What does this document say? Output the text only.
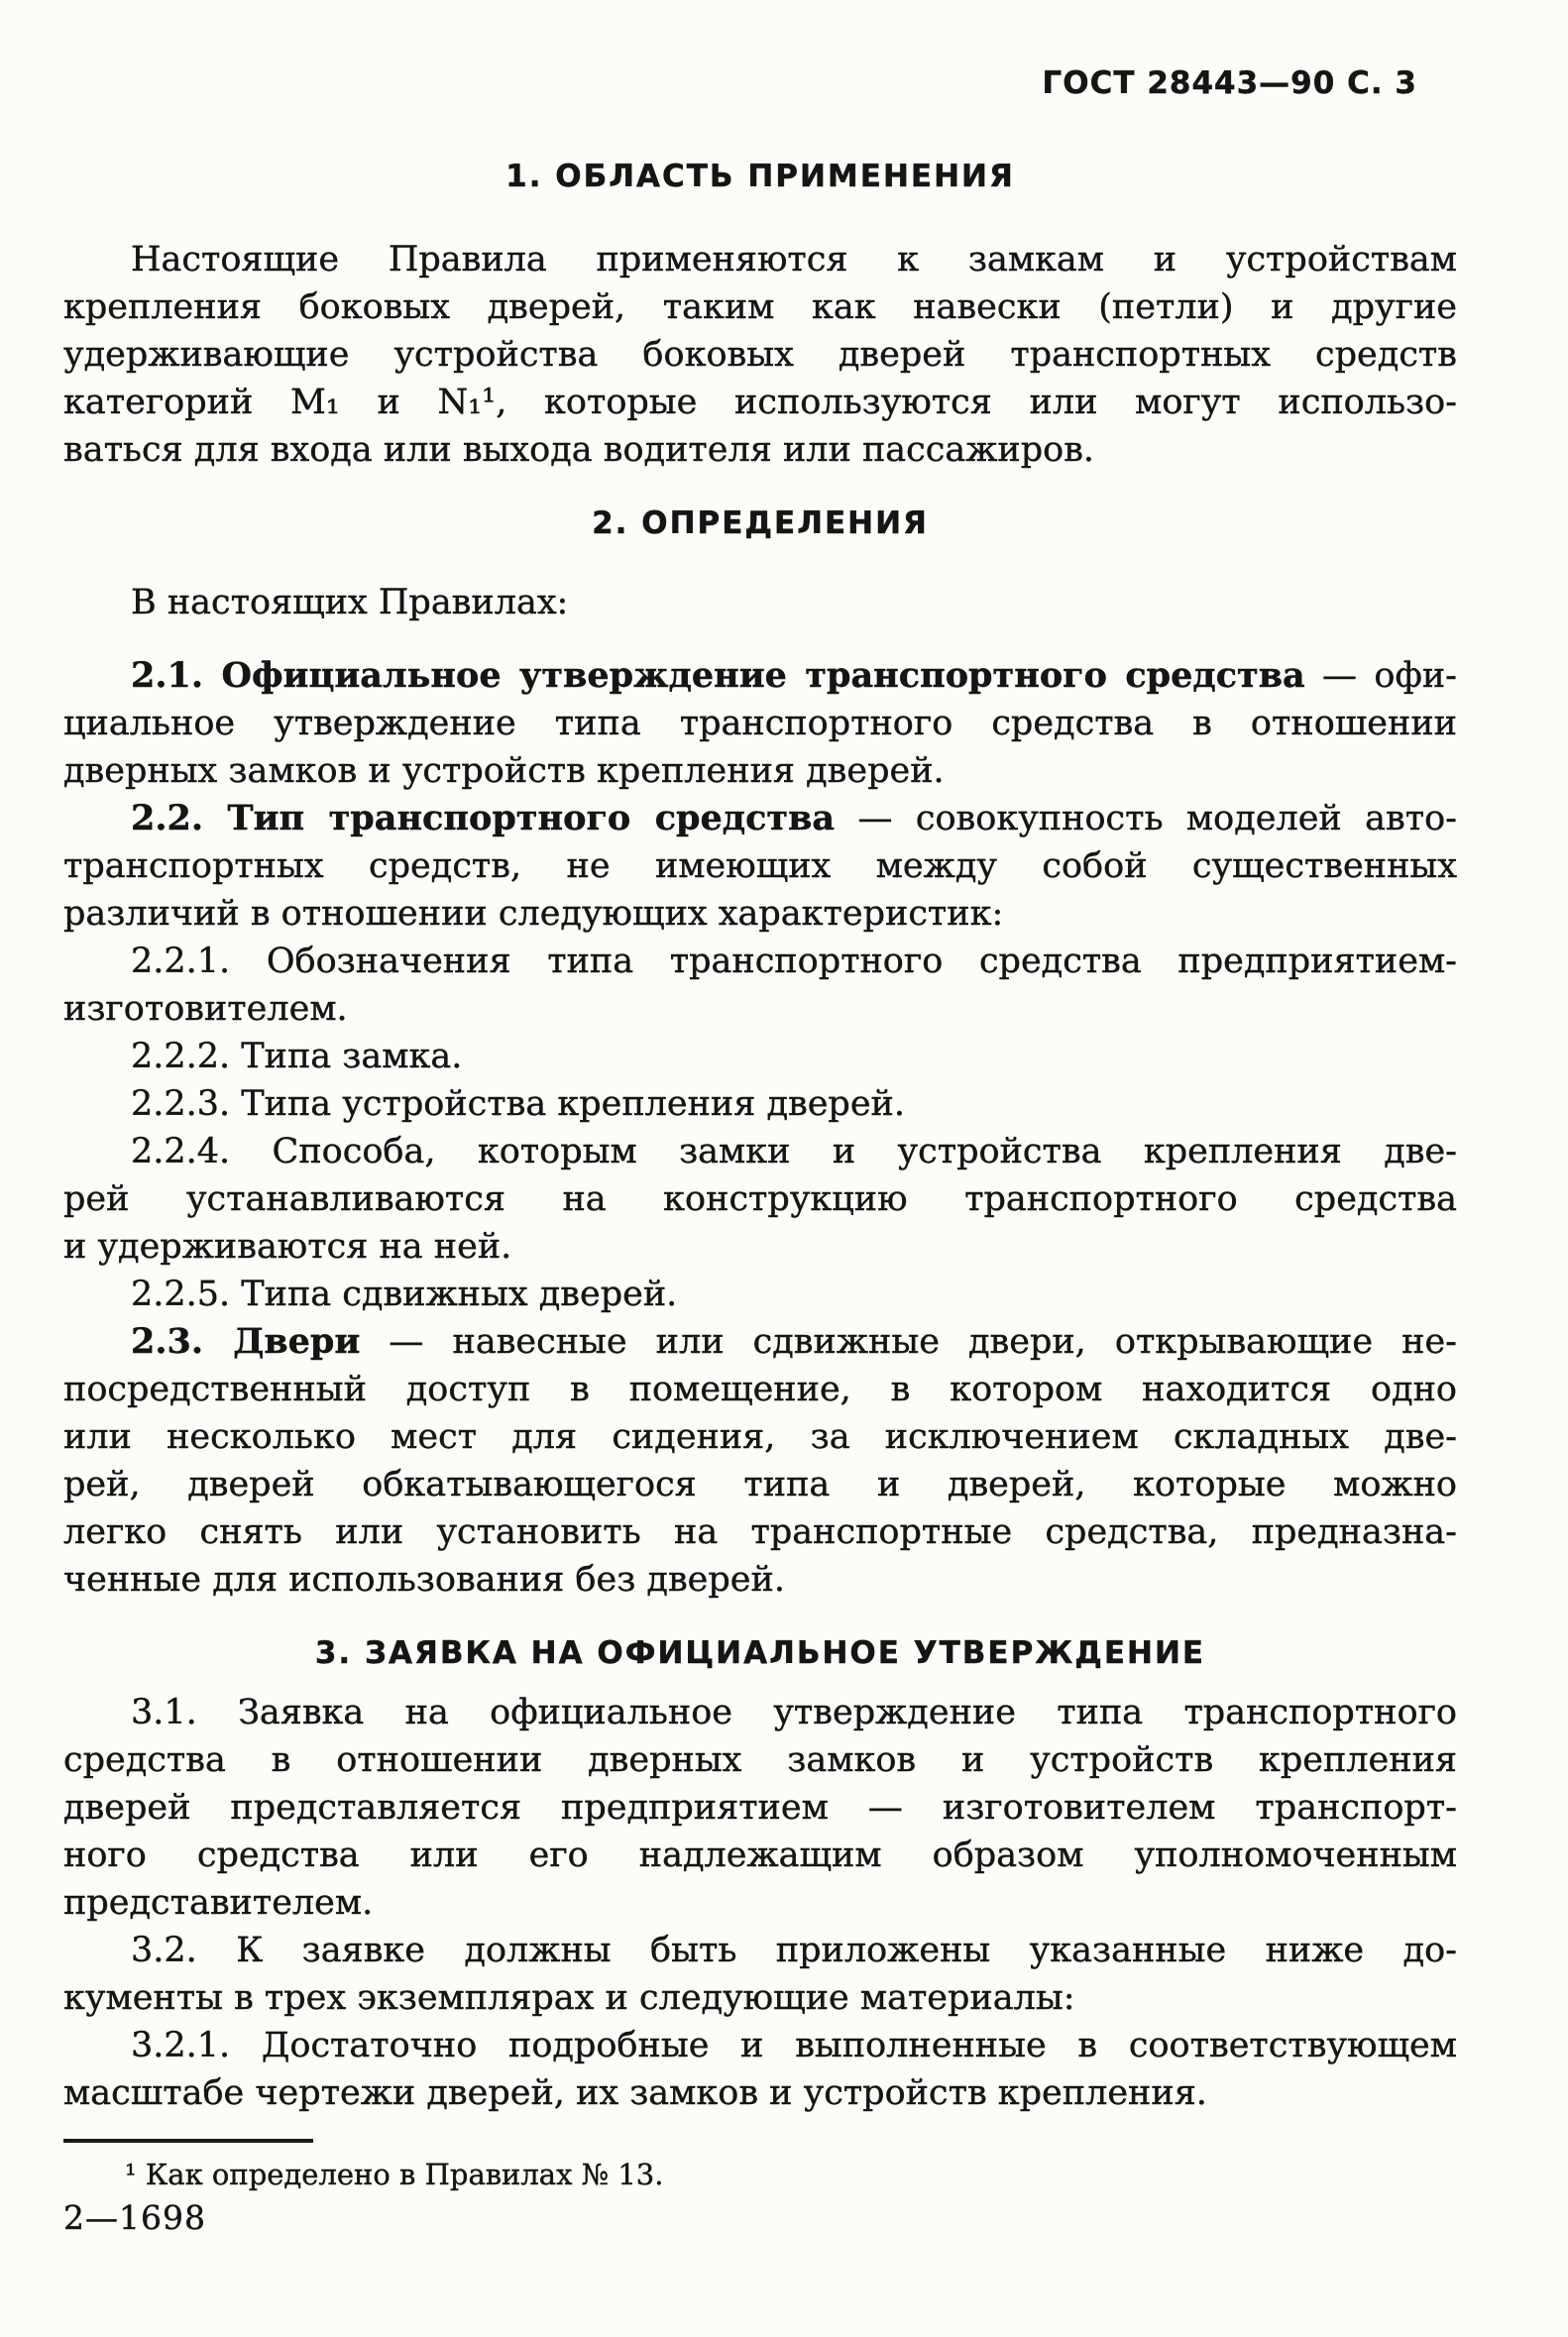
ГОСТ 28443—90 С. 3
1. ОБЛАСТЬ ПРИМЕНЕНИЯ
Настоящие Правила применяются к замкам и устройствам
крепления боковых дверей, таким как навески (петли) и другие
удерживающие устройства боковых дверей транспортных средств
категорий М₁ и N₁¹, которые используются или могут использо-
ваться для входа или выхода водителя или пассажиров.
2. ОПРЕДЕЛЕНИЯ
В настоящих Правилах:
2.1. Официальное утверждение транспортного средства — офи-
циальное утверждение типа транспортного средства в отношении
дверных замков и устройств крепления дверей.
2.2. Тип транспортного средства — совокупность моделей авто-
транспортных средств, не имеющих между собой существенных
различий в отношении следующих характеристик:
2.2.1. Обозначения типа транспортного средства предприятием-
изготовителем.
2.2.2. Типа замка.
2.2.3. Типа устройства крепления дверей.
2.2.4. Способа, которым замки и устройства крепления две-
рей устанавливаются на конструкцию транспортного средства
и удерживаются на ней.
2.2.5. Типа сдвижных дверей.
2.3. Двери — навесные или сдвижные двери, открывающие не-
посредственный доступ в помещение, в котором находится одно
или несколько мест для сидения, за исключением складных две-
рей, дверей обкатывающегося типа и дверей, которые можно
легко снять или установить на транспортные средства, предназна-
ченные для использования без дверей.
3. ЗАЯВКА НА ОФИЦИАЛЬНОЕ УТВЕРЖДЕНИЕ
3.1. Заявка на официальное утверждение типа транспортного
средства в отношении дверных замков и устройств крепления
дверей представляется предприятием — изготовителем транспорт-
ного средства или его надлежащим образом уполномоченным
представителем.
3.2. К заявке должны быть приложены указанные ниже до-
кументы в трех экземплярах и следующие материалы:
3.2.1. Достаточно подробные и выполненные в соответствующем
масштабе чертежи дверей, их замков и устройств крепления.
¹ Как определено в Правилах № 13.
2—1698
